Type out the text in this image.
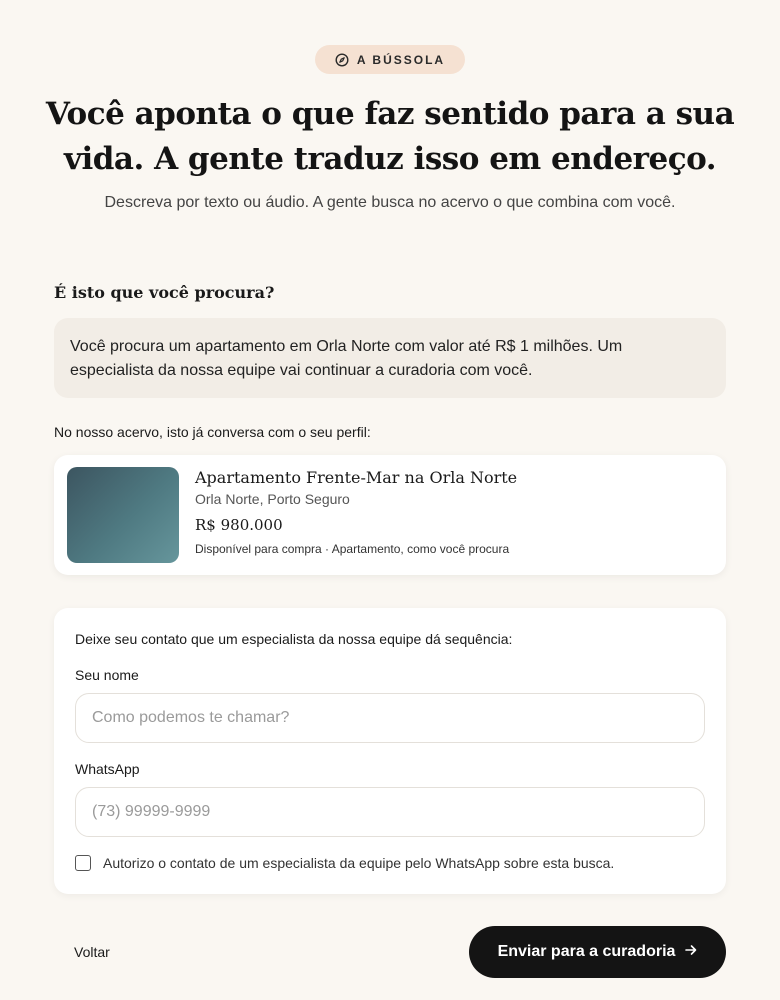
A BÚSSOLA
Você aponta o que faz sentido para a sua
vida. A gente traduz isso em endereço.

Descreva por texto ou áudio. A gente busca no acervo o que combina com você.

É isto que você procura?
Você procura um apartamento em Orla Norte com valor até R$ 1 milhões. Um especialista da nossa equipe vai continuar a curadoria com você.

No nosso acervo, isto já conversa com o seu perfil:

Apartamento Frente-Mar na Orla Norte
Orla Norte, Porto Seguro
R$ 980.000
Disponível para compra · Apartamento, como você procura

Deixe seu contato que um especialista da nossa equipe dá sequência:

Seu nome
Como podemos te chamar?
WhatsApp
(73) 99999-9999
Autorizo o contato de um especialista da equipe pelo WhatsApp sobre esta busca.
Voltar	Enviar para a curadoria
